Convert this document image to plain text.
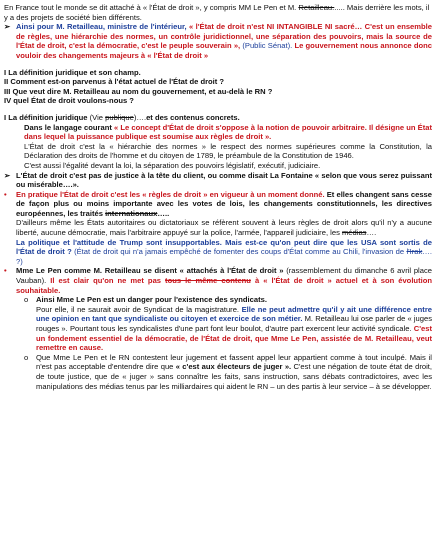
En France tout le monde se dit attaché à « l'État de droit », y compris MM Le Pen et M. Retailleau...... Mais derrière les mots, il y a des projets de société bien différents.

➢ Ainsi pour M. Retailleau, ministre de l'intérieur, « l'État de droit n'est NI INTANGIBLE NI sacré… C'est un ensemble de règles, une hiérarchie des normes, un contrôle juridictionnel, une séparation des pouvoirs, mais la source de l'État de droit, c'est la démocratie, c'est le peuple souverain », (Public Sénat). Le gouvernement nous annonce donc vouloir des changements majeurs à « l'État de droit »

I La définition juridique et son champ.

II Comment est-on parvenus à l'état actuel de l'État de droit ?

III Que veut dire M. Retailleau au nom du gouvernement, et au-delà le RN ?

IV quel État de droit voulons-nous ?

I La définition juridique (Vie publique)….et des contenus concrets.

Dans le langage courant « Le concept d'État de droit s'oppose à la notion de pouvoir arbitraire. Il désigne un État dans lequel la puissance publique est soumise aux règles de droit ».

L'État de droit c'est la « hiérarchie des normes » le respect des normes supérieures comme la Constitution, la Déclaration des droits de l'homme et du citoyen de 1789, le préambule de la Constitution de 1946.

C'est aussi l'égalité devant la loi, la séparation des pouvoirs législatif, exécutif, judiciaire.

➢ L'État de droit c'est pas de justice à la tête du client, ou comme disait La Fontaine « selon que vous serez puissant ou misérable….».

•	En pratique l'État de droit c'est les « règles de droit » en vigueur à un moment donné. Et elles changent sans cesse de façon plus ou moins importante avec les votes de lois, les changements constitutionnels, les directives européennes, les traités internationaux…..

D'ailleurs même les États autoritaires ou dictatoriaux se réfèrent souvent à leurs règles de droit alors qu'il n'y a aucune liberté, aucune démocratie, mais l'arbitraire appuyé sur la police, l'armée, l'appareil judiciaire, les médias….

La politique et l'attitude de Trump sont insupportables. Mais est-ce qu'on peut dire que les USA sont sortis de l'État de droit ? (État de droit qui n'a jamais empêché de fomenter des coups d'État comme au Chili, l'invasion de l'Irak…. ?)

•	Mme Le Pen comme M. Retailleau se disent « attachés à l'État de droit » (rassemblement du dimanche 6 avril place Vauban). Il est clair qu'on ne met pas tous le même contenu à « l'État de droit » actuel et à son évolution souhaitable.

o	Ainsi Mme Le Pen est un danger pour l'existence des syndicats.

Pour elle, il ne saurait avoir de Syndicat de la magistrature. Elle ne peut admettre qu'il y ait une différence entre une opinion en tant que syndicaliste ou citoyen et exercice de son métier. M. Retailleau lui ose parler de « juges rouges ». Pourtant tous les syndicalistes d'une part font leur boulot, d'autre part exercent leur activité syndicale. C'est un fondement essentiel de la démocratie, de l'État de droit, que Mme Le Pen, assistée de M. Retailleau, veut remettre en cause.

o	Que Mme Le Pen et le RN contestent leur jugement et fassent appel leur appartient comme à tout inculpé. Mais il n'est pas acceptable d'entendre dire que « c'est aux électeurs de juger ». C'est une négation de toute état de droit, de toute justice, que de « juger » sans connaître les faits, sans instruction, sans débats contradictoires, avec les manipulations des médias tenus par les milliardaires qui aident le RN – un des partis à leur service – à se développer.
